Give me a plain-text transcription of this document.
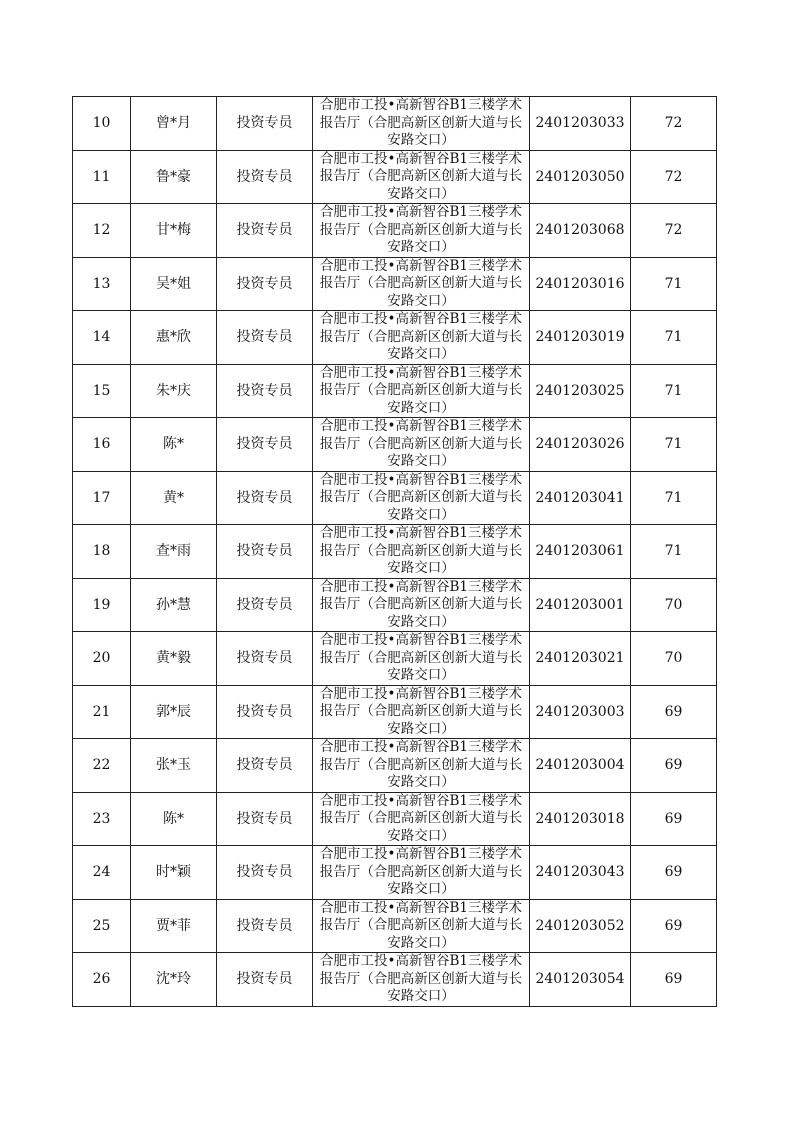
10	曾*月	投资专员	合肥市工投•高新智谷B1三楼学术报告厅（合肥高新区创新大道与长安路交口）	2401203033	72
11	鲁*豪	投资专员	合肥市工投•高新智谷B1三楼学术报告厅（合肥高新区创新大道与长安路交口）	2401203050	72
12	甘*梅	投资专员	合肥市工投•高新智谷B1三楼学术报告厅（合肥高新区创新大道与长安路交口）	2401203068	72
13	吴*姐	投资专员	合肥市工投•高新智谷B1三楼学术报告厅（合肥高新区创新大道与长安路交口）	2401203016	71
14	惠*欣	投资专员	合肥市工投•高新智谷B1三楼学术报告厅（合肥高新区创新大道与长安路交口）	2401203019	71
15	朱*庆	投资专员	合肥市工投•高新智谷B1三楼学术报告厅（合肥高新区创新大道与长安路交口）	2401203025	71
16	陈*	投资专员	合肥市工投•高新智谷B1三楼学术报告厅（合肥高新区创新大道与长安路交口）	2401203026	71
17	黄*	投资专员	合肥市工投•高新智谷B1三楼学术报告厅（合肥高新区创新大道与长安路交口）	2401203041	71
18	查*雨	投资专员	合肥市工投•高新智谷B1三楼学术报告厅（合肥高新区创新大道与长安路交口）	2401203061	71
19	孙*慧	投资专员	合肥市工投•高新智谷B1三楼学术报告厅（合肥高新区创新大道与长安路交口）	2401203001	70
20	黄*毅	投资专员	合肥市工投•高新智谷B1三楼学术报告厅（合肥高新区创新大道与长安路交口）	2401203021	70
21	郭*辰	投资专员	合肥市工投•高新智谷B1三楼学术报告厅（合肥高新区创新大道与长安路交口）	2401203003	69
22	张*玉	投资专员	合肥市工投•高新智谷B1三楼学术报告厅（合肥高新区创新大道与长安路交口）	2401203004	69
23	陈*	投资专员	合肥市工投•高新智谷B1三楼学术报告厅（合肥高新区创新大道与长安路交口）	2401203018	69
24	时*颖	投资专员	合肥市工投•高新智谷B1三楼学术报告厅（合肥高新区创新大道与长安路交口）	2401203043	69
25	贾*菲	投资专员	合肥市工投•高新智谷B1三楼学术报告厅（合肥高新区创新大道与长安路交口）	2401203052	69
26	沈*玲	投资专员	合肥市工投•高新智谷B1三楼学术报告厅（合肥高新区创新大道与长安路交口）	2401203054	69
